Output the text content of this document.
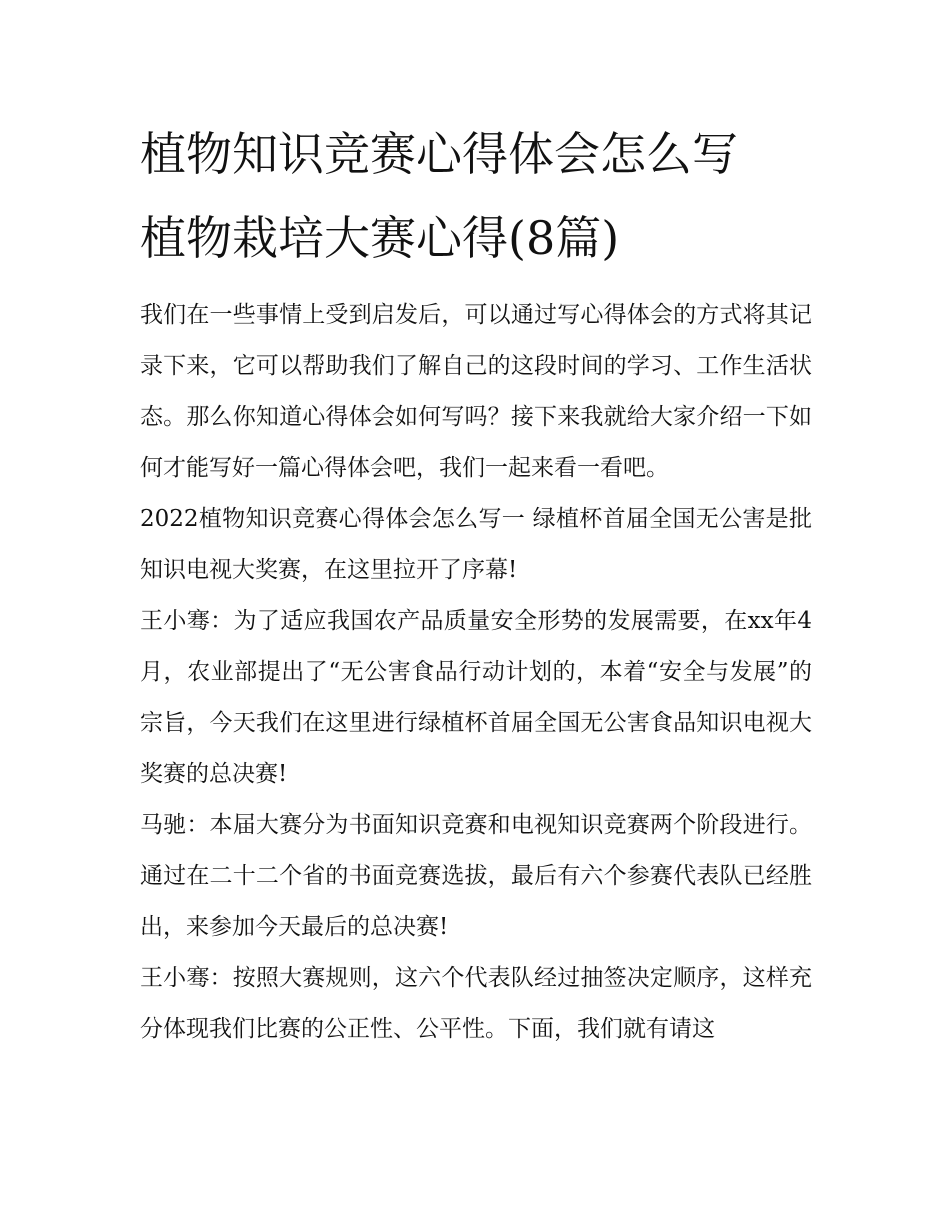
植物知识竞赛心得体会怎么写
植物栽培大赛心得(8篇)

我们在一些事情上受到启发后，可以通过写心得体会的方式将其记录下来，它可以帮助我们了解自己的这段时间的学习、工作生活状态。那么你知道心得体会如何写吗？接下来我就给大家介绍一下如何才能写好一篇心得体会吧，我们一起来看一看吧。

2022植物知识竞赛心得体会怎么写一 绿植杯首届全国无公害是批知识电视大奖赛，在这里拉开了序幕!

王小骞：为了适应我国农产品质量安全形势的发展需要，在xx年4月，农业部提出了“无公害食品行动计划的，本着“安全与发展”的宗旨，今天我们在这里进行绿植杯首届全国无公害食品知识电视大奖赛的总决赛!

马驰：本届大赛分为书面知识竞赛和电视知识竞赛两个阶段进行。通过在二十二个省的书面竞赛选拔，最后有六个参赛代表队已经胜出，来参加今天最后的总决赛!

王小骞：按照大赛规则，这六个代表队经过抽签决定顺序，这样充分体现我们比赛的公正性、公平性。下面，我们就有请这
